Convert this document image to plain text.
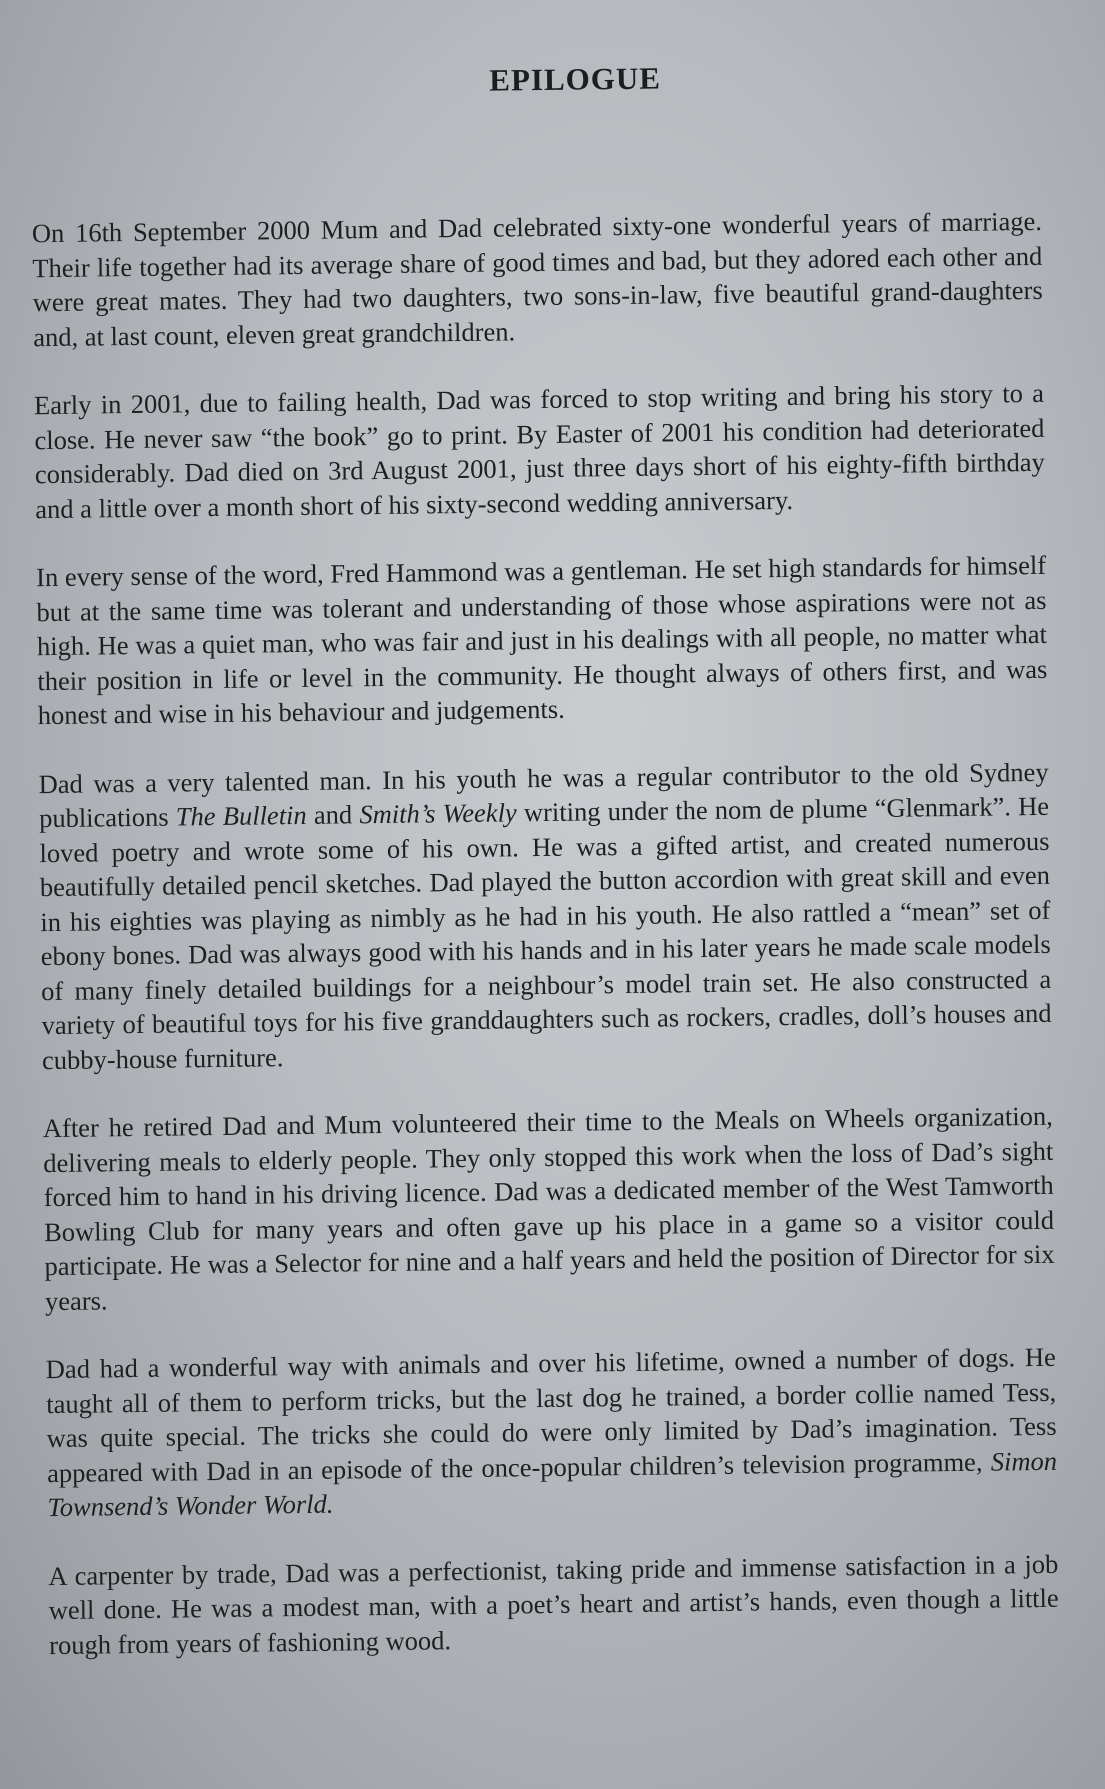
EPILOGUE

On 16th September 2000 Mum and Dad celebrated sixty-one wonderful years of marriage. Their life together had its average share of good times and bad, but they adored each other and were great mates. They had two daughters, two sons-in-law, five beautiful grand-daughters and, at last count, eleven great grandchildren.

Early in 2001, due to failing health, Dad was forced to stop writing and bring his story to a close. He never saw “the book” go to print. By Easter of 2001 his condition had deteriorated considerably. Dad died on 3rd August 2001, just three days short of his eighty-fifth birthday and a little over a month short of his sixty-second wedding anniversary.

In every sense of the word, Fred Hammond was a gentleman. He set high standards for himself but at the same time was tolerant and understanding of those whose aspirations were not as high. He was a quiet man, who was fair and just in his dealings with all people, no matter what their position in life or level in the community. He thought always of others first, and was honest and wise in his behaviour and judgements.

Dad was a very talented man. In his youth he was a regular contributor to the old Sydney publications The Bulletin and Smith’s Weekly writing under the nom de plume “Glenmark”. He loved poetry and wrote some of his own. He was a gifted artist, and created numerous beautifully detailed pencil sketches. Dad played the button accordion with great skill and even in his eighties was playing as nimbly as he had in his youth. He also rattled a “mean” set of ebony bones. Dad was always good with his hands and in his later years he made scale models of many finely detailed buildings for a neighbour’s model train set. He also constructed a variety of beautiful toys for his five granddaughters such as rockers, cradles, doll’s houses and cubby-house furniture.

After he retired Dad and Mum volunteered their time to the Meals on Wheels organization, delivering meals to elderly people. They only stopped this work when the loss of Dad’s sight forced him to hand in his driving licence. Dad was a dedicated member of the West Tamworth Bowling Club for many years and often gave up his place in a game so a visitor could participate. He was a Selector for nine and a half years and held the position of Director for six years.

Dad had a wonderful way with animals and over his lifetime, owned a number of dogs. He taught all of them to perform tricks, but the last dog he trained, a border collie named Tess, was quite special. The tricks she could do were only limited by Dad’s imagination. Tess appeared with Dad in an episode of the once-popular children’s television programme, Simon Townsend’s Wonder World.

A carpenter by trade, Dad was a perfectionist, taking pride and immense satisfaction in a job well done. He was a modest man, with a poet’s heart and artist’s hands, even though a little rough from years of fashioning wood.
